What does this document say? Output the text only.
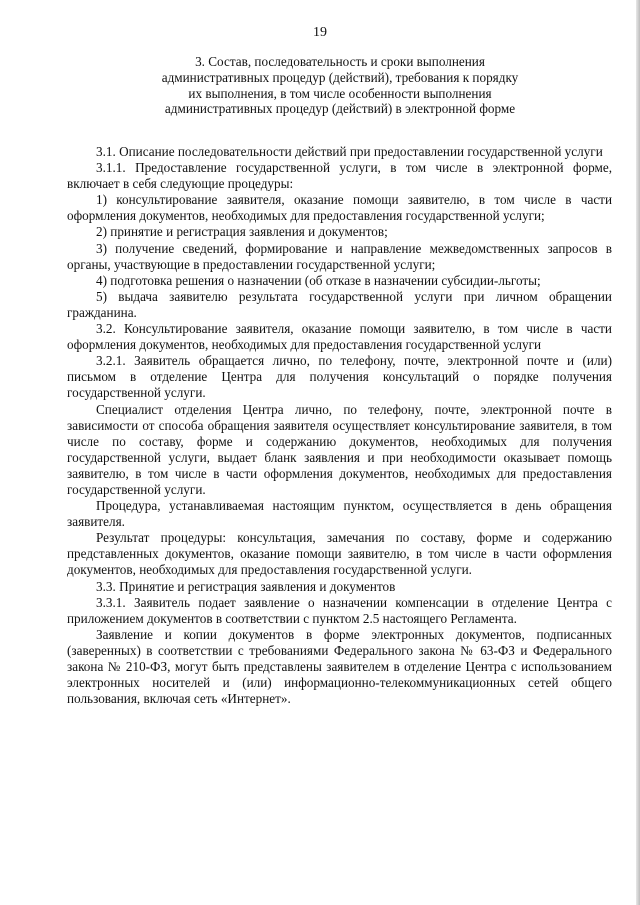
19
3. Состав, последовательность и сроки выполнения
административных процедур (действий), требования к порядку
их выполнения, в том числе особенности выполнения
административных процедур (действий) в электронной форме

3.1. Описание последовательности действий при предоставлении государственной услуги

3.1.1. Предоставление государственной услуги, в том числе в электронной форме, включает в себя следующие процедуры:

1) консультирование заявителя, оказание помощи заявителю, в том числе в части оформления документов, необходимых для предоставления государственной услуги;

2) принятие и регистрация заявления и документов;

3) получение сведений, формирование и направление межведомственных запросов в органы, участвующие в предоставлении государственной услуги;

4) подготовка решения о назначении (об отказе в назначении субсидии-льготы;

5) выдача заявителю результата государственной услуги при личном обращении гражданина.

3.2. Консультирование заявителя, оказание помощи заявителю, в том числе в части оформления документов, необходимых для предоставления государственной услуги

3.2.1. Заявитель обращается лично, по телефону, почте, электронной почте и (или) письмом в отделение Центра для получения консультаций о порядке получения государственной услуги.

Специалист отделения Центра лично, по телефону, почте, электронной почте в зависимости от способа обращения заявителя осуществляет консультирование заявителя, в том числе по составу, форме и содержанию документов, необходимых для получения государственной услуги, выдает бланк заявления и при необходимости оказывает помощь заявителю, в том числе в части оформления документов, необходимых для предоставления государственной услуги.

Процедура, устанавливаемая настоящим пунктом, осуществляется в день обращения заявителя.

Результат процедуры: консультация, замечания по составу, форме и содержанию представленных документов, оказание помощи заявителю, в том числе в части оформления документов, необходимых для предоставления государственной услуги.

3.3. Принятие и регистрация заявления и документов

3.3.1. Заявитель подает заявление о назначении компенсации в отделение Центра с приложением документов в соответствии с пунктом 2.5 настоящего Регламента.

Заявление и копии документов в форме электронных документов, подписанных (заверенных) в соответствии с требованиями Федерального закона № 63-ФЗ и Федерального закона № 210-ФЗ, могут быть представлены заявителем в отделение Центра с использованием электронных носителей и (или) информационно-телекоммуникационных сетей общего пользования, включая сеть «Интернет».
